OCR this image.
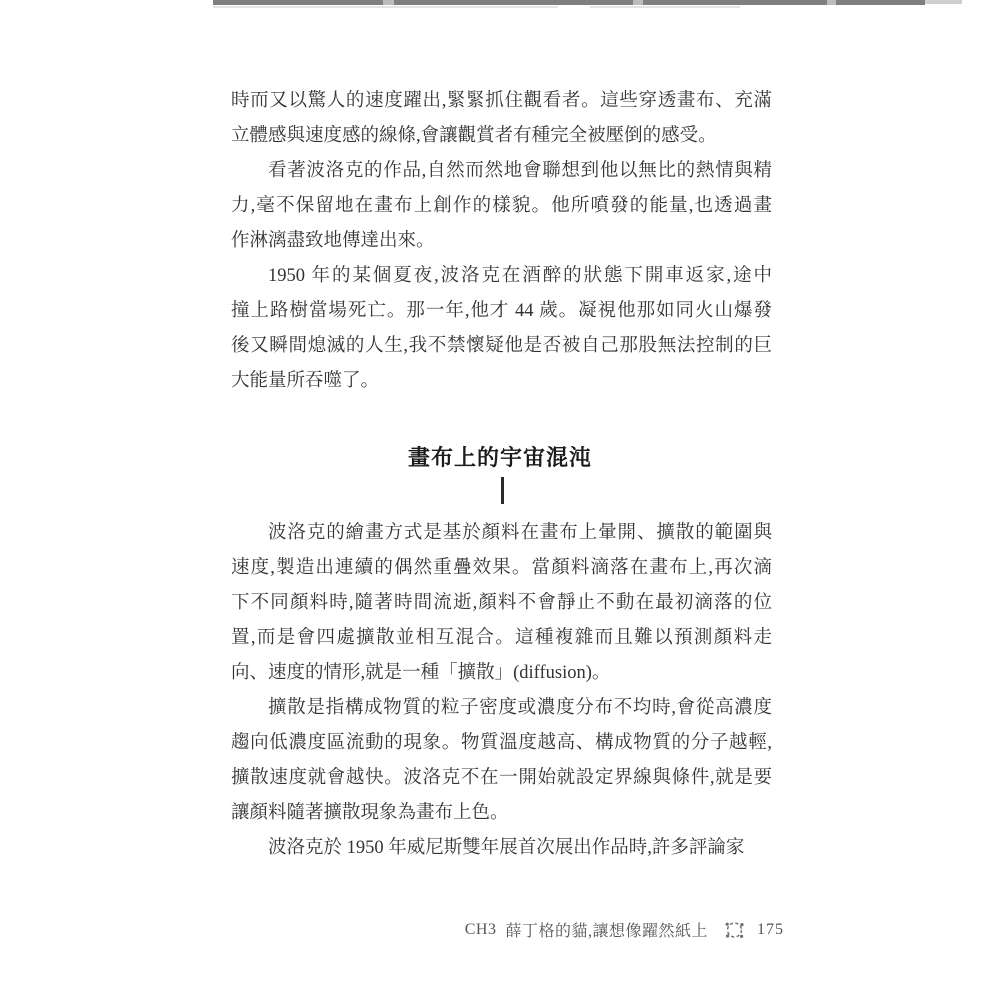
時而又以驚人的速度躍出,緊緊抓住觀看者。這些穿透畫布、充滿
立體感與速度感的線條,會讓觀賞者有種完全被壓倒的感受。
看著波洛克的作品,自然而然地會聯想到他以無比的熱情與精
力,毫不保留地在畫布上創作的樣貌。他所噴發的能量,也透過畫
作淋漓盡致地傳達出來。
1950 年的某個夏夜,波洛克在酒醉的狀態下開車返家,途中
撞上路樹當場死亡。那一年,他才 44 歲。凝視他那如同火山爆發
後又瞬間熄滅的人生,我不禁懷疑他是否被自己那股無法控制的巨
大能量所吞噬了。
畫布上的宇宙混沌
波洛克的繪畫方式是基於顏料在畫布上暈開、擴散的範圍與
速度,製造出連續的偶然重疊效果。當顏料滴落在畫布上,再次滴
下不同顏料時,隨著時間流逝,顏料不會靜止不動在最初滴落的位
置,而是會四處擴散並相互混合。這種複雜而且難以預測顏料走
向、速度的情形,就是一種「擴散」(diffusion)。
擴散是指構成物質的粒子密度或濃度分布不均時,會從高濃度
趨向低濃度區流動的現象。物質溫度越高、構成物質的分子越輕,
擴散速度就會越快。波洛克不在一開始就設定界線與條件,就是要
讓顏料隨著擴散現象為畫布上色。
波洛克於 1950 年威尼斯雙年展首次展出作品時,許多評論家
CH3 薛丁格的貓,讓想像躍然紙上	175
